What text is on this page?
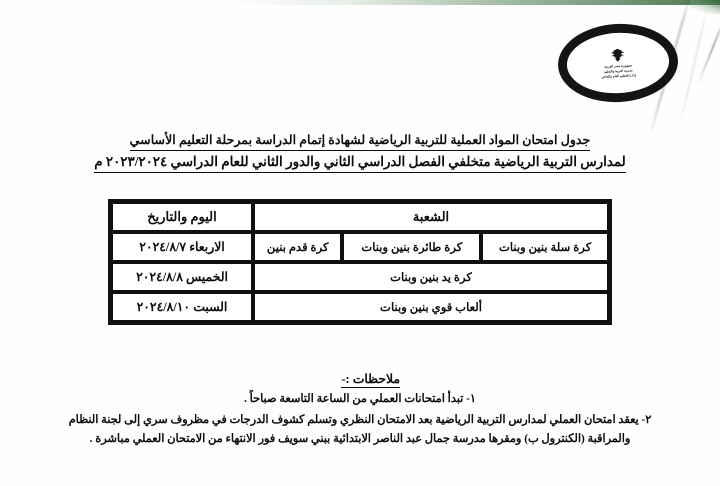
جمهورية مصر العربية
مديرية التربية والتعليم
إدارة التعليم العام والخاص
جدول امتحان المواد العملية للتربية الرياضية لشهادة إتمام الدراسة بمرحلة التعليم الأساسي
لمدارس التربية الرياضية متخلفي الفصل الدراسي الثاني والدور الثاني للعام الدراسي ٢٠٢٣/٢٠٢٤ م
الشعبة			اليوم والتاريخ
كرة سلة بنين وبنات	كرة طائرة بنين وبنات	كرة قدم بنين	الاربعاء ٢٠٢٤/٨/٧
كرة يد بنين وبنات			الخميس ٢٠٢٤/٨/٨
ألعاب قوي بنين وبنات			السبت ٢٠٢٤/٨/١٠
ملاحظات :-
١- تبدأ امتحانات العملي من الساعة التاسعة صباحاً .
٢- يعقد امتحان العملي لمدارس التربية الرياضية بعد الامتحان النظري وتسلم كشوف الدرجات في مظروف سري إلى لجنة النظام
والمراقبة (الكنترول ب) ومقرها مدرسة جمال عبد الناصر الابتدائية ببني سويف فور الانتهاء من الامتحان العملي مباشرة .
